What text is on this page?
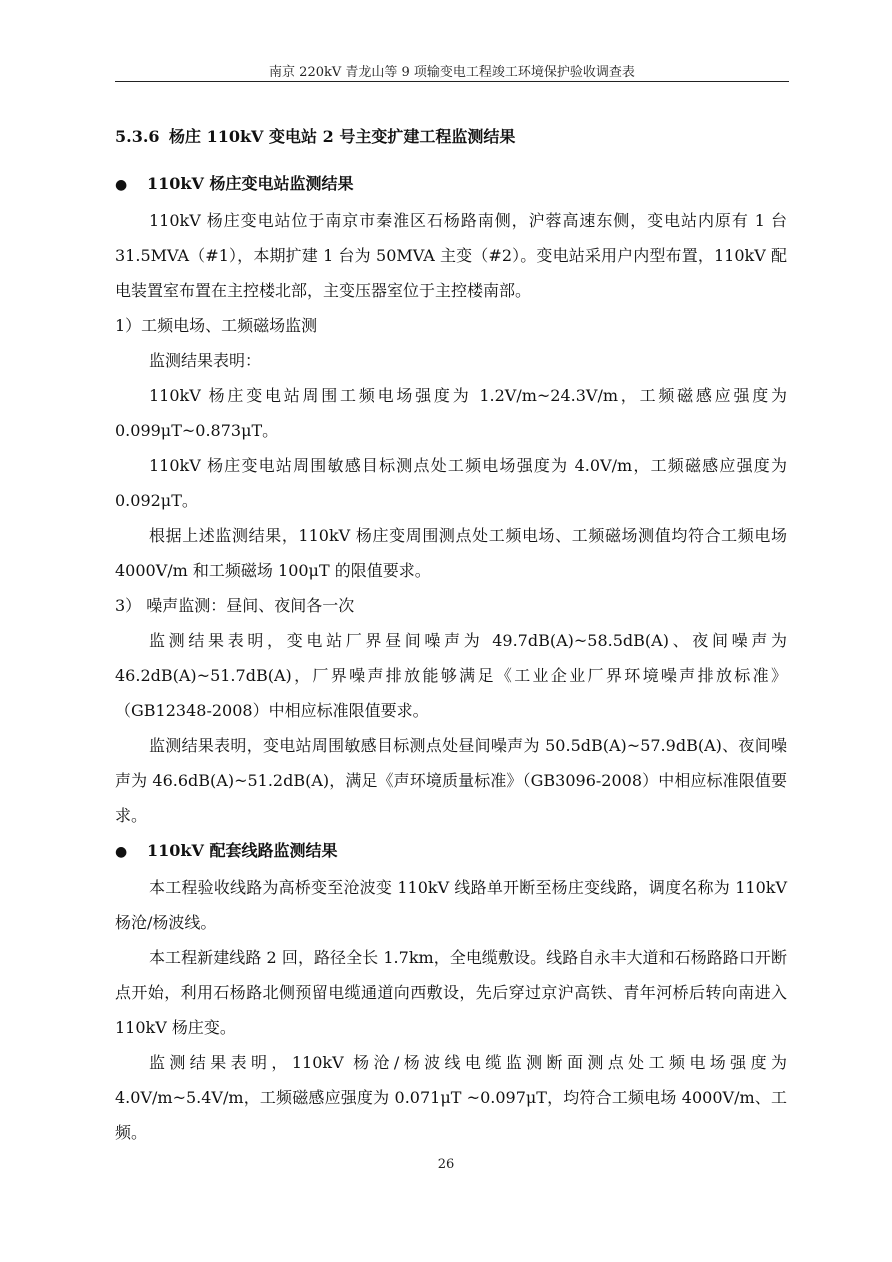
南京 220kV 青龙山等 9 项输变电工程竣工环境保护验收调查表
5.3.6 杨庄 110kV 变电站 2 号主变扩建工程监测结果
● 110kV 杨庄变电站监测结果

110kV 杨庄变电站位于南京市秦淮区石杨路南侧，沪蓉高速东侧，变电站内原有 1 台 31.5MVA（#1），本期扩建 1 台为 50MVA 主变（#2）。变电站采用户内型布置，110kV 配电装置室布置在主控楼北部，主变压器室位于主控楼南部。

1）工频电场、工频磁场监测

监测结果表明：

110kV 杨庄变电站周围工频电场强度为 1.2V/m~24.3V/m，工频磁感应强度为 0.099μT~0.873μT。

110kV 杨庄变电站周围敏感目标测点处工频电场强度为 4.0V/m，工频磁感应强度为 0.092μT。

根据上述监测结果，110kV 杨庄变周围测点处工频电场、工频磁场测值均符合工频电场 4000V/m 和工频磁场 100μT 的限值要求。

3） 噪声监测：昼间、夜间各一次

监测结果表明，变电站厂界昼间噪声为 49.7dB(A)~58.5dB(A)、夜间噪声为 46.2dB(A)~51.7dB(A)，厂界噪声排放能够满足《工业企业厂界环境噪声排放标准》（GB12348-2008）中相应标准限值要求。

监测结果表明，变电站周围敏感目标测点处昼间噪声为 50.5dB(A)~57.9dB(A)、夜间噪声为 46.6dB(A)~51.2dB(A)，满足《声环境质量标准》（GB3096-2008）中相应标准限值要求。

● 110kV 配套线路监测结果

本工程验收线路为高桥变至沧波变 110kV 线路单开断至杨庄变线路，调度名称为 110kV 杨沧/杨波线。

本工程新建线路 2 回，路径全长 1.7km，全电缆敷设。线路自永丰大道和石杨路路口开断点开始，利用石杨路北侧预留电缆通道向西敷设，先后穿过京沪高铁、青年河桥后转向南进入 110kV 杨庄变。

监测结果表明，110kV 杨沧/杨波线电缆监测断面测点处工频电场强度为 4.0V/m~5.4V/m，工频磁感应强度为 0.071μT ~0.097μT，均符合工频电场 4000V/m、工频。

26
